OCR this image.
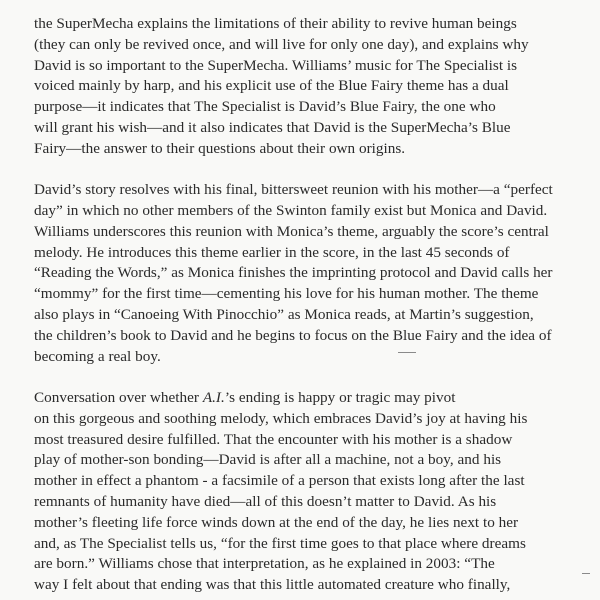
the SuperMecha explains the limitations of their ability to revive human beings
(they can only be revived once, and will live for only one day), and explains why
David is so important to the SuperMecha. Williams’ music for The Specialist is
voiced mainly by harp, and his explicit use of the Blue Fairy theme has a dual
purpose—it indicates that The Specialist is David’s Blue Fairy, the one who
will grant his wish—and it also indicates that David is the SuperMecha’s Blue
Fairy—the answer to their questions about their own origins.
David’s story resolves with his final, bittersweet reunion with his mother—a “perfect
day” in which no other members of the Swinton family exist but Monica and David.
Williams underscores this reunion with Monica’s theme, arguably the score’s central
melody. He introduces this theme earlier in the score, in the last 45 seconds of
“Reading the Words,” as Monica finishes the imprinting protocol and David calls her
“mommy” for the first time—cementing his love for his human mother. The theme
also plays in “Canoeing With Pinocchio” as Monica reads, at Martin’s suggestion,
the children’s book to David and he begins to focus on the Blue Fairy and the idea of
becoming a real boy.
Conversation over whether A.I.’s ending is happy or tragic may pivot
on this gorgeous and soothing melody, which embraces David’s joy at having his
most treasured desire fulfilled. That the encounter with his mother is a shadow
play of mother-son bonding—David is after all a machine, not a boy, and his
mother in effect a phantom - a facsimile of a person that exists long after the last
remnants of humanity have died—all of this doesn’t matter to David. As his
mother’s fleeting life force winds down at the end of the day, he lies next to her
and, as The Specialist tells us, “for the first time goes to that place where dreams
are born.” Williams chose that interpretation, as he explained in 2003: “The
way I felt about that ending was that this little automated creature who finally,
